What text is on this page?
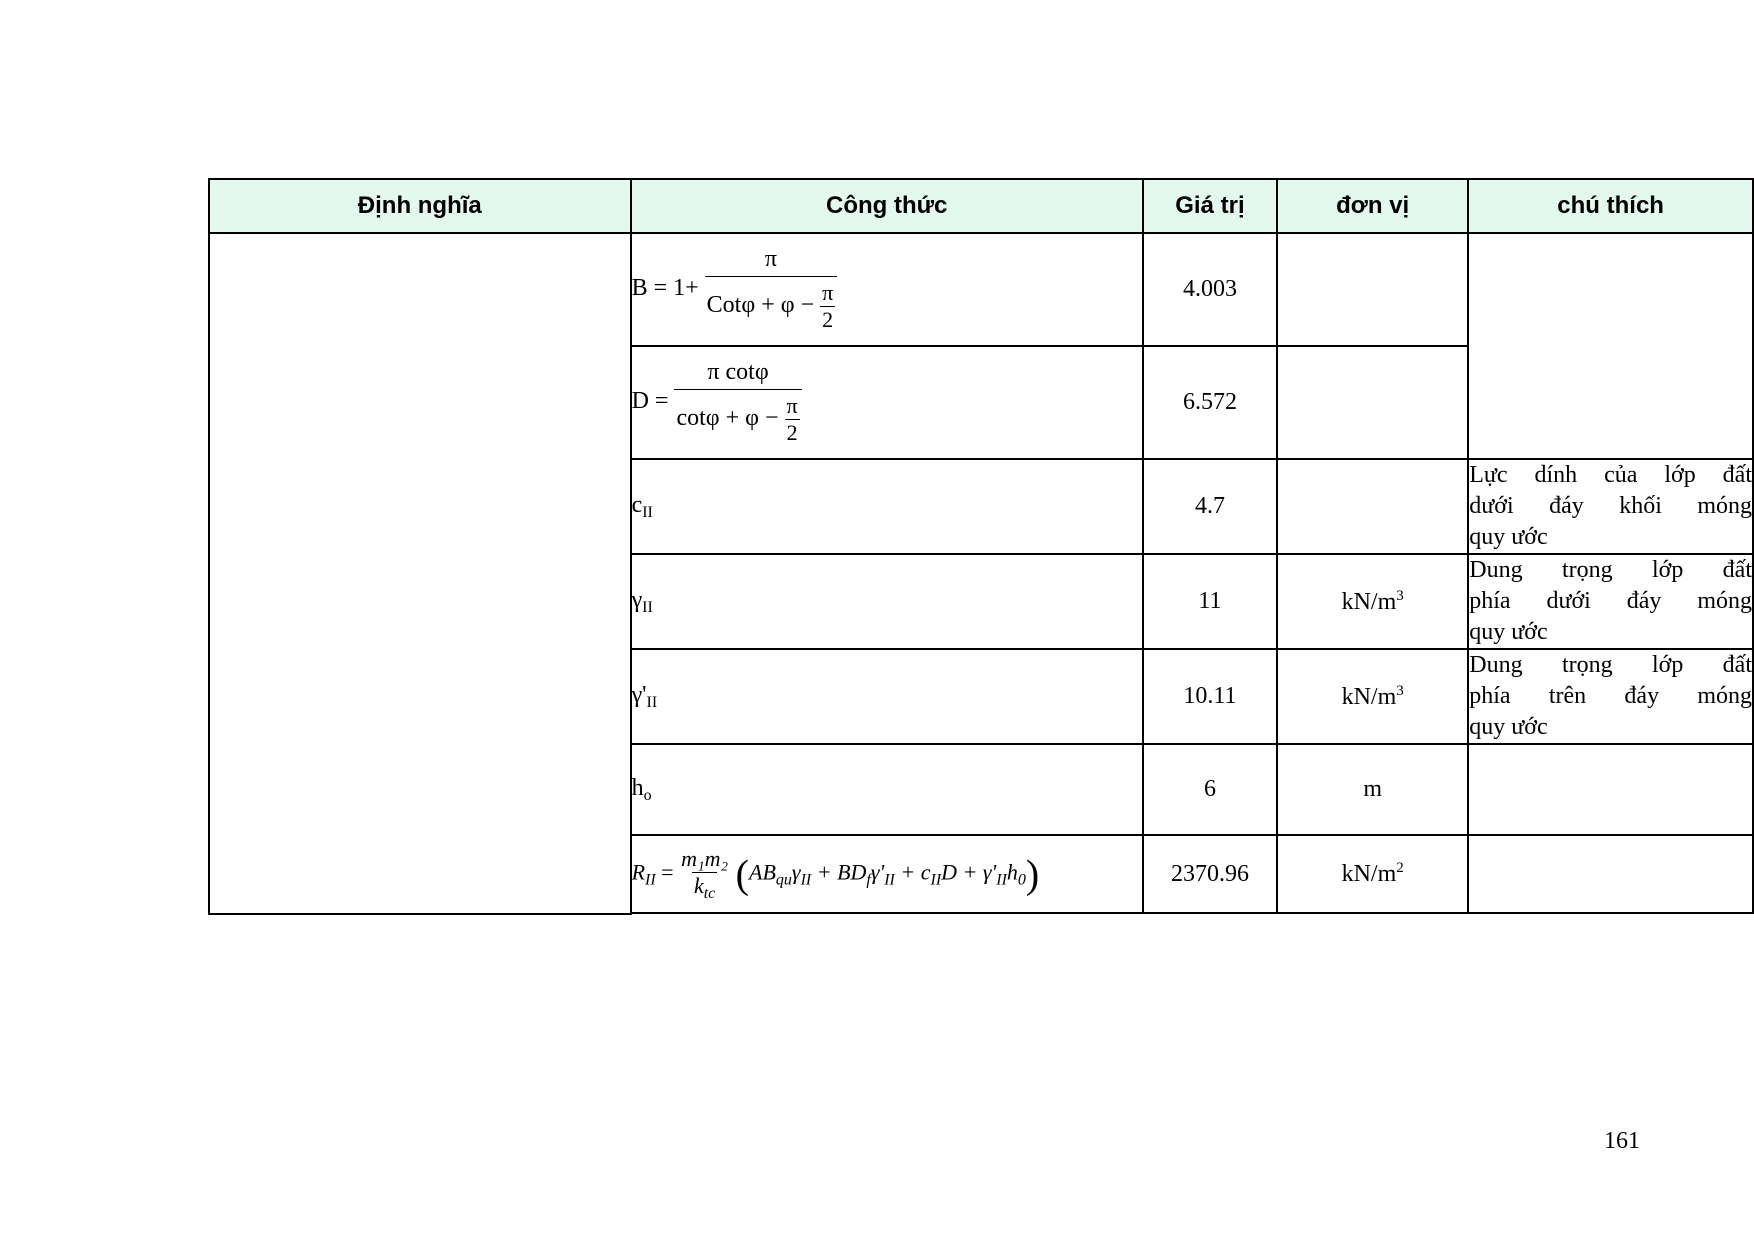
Định nghĩa	Công thức	Giá trị	đơn vị	chú thích
	$B = 1+ \frac{\pi}{Cot\varphi + \varphi - \frac{\pi}{2}}$	4.003		
	$D = \frac{\text{π cotφ}}{\cot\varphi + \varphi - \frac{\pi}{2}}$	6.572		
	$c_{II}$	4.7		Lực dính của lớp đất
dưới đáy khối móng
quy ước

	$\gamma_{II}$	11	$kN/m^3$	Dung trọng lớp đất
phía dưới đáy móng
quy ước

	$\gamma'_{II}$	10.11	$kN/m^3$	Dung trọng lớp đất
phía trên đáy móng
quy ước

	$h_o$	6	m	
	$R_{II} = \frac{\text{m₁m₂}}{k_{tc}} (AB_{qu}\gamma_{II} + BD_f\gamma'_{II} + c_{II}D + \gamma'_{II}h_0)$	2370.96	$kN/m^2$	

161
